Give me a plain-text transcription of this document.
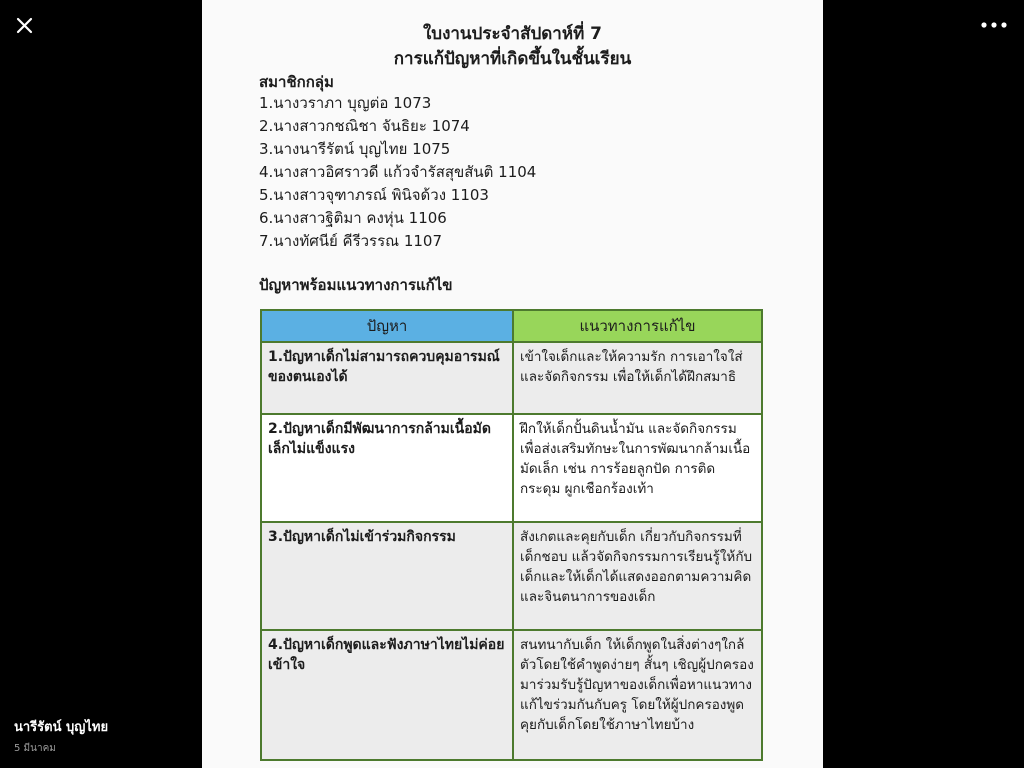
นารีรัตน์ บุญไทย
5 มีนาคม
ใบงานประจำสัปดาห์ที่ 7
การแก้ปัญหาที่เกิดขึ้นในชั้นเรียน
สมาชิกกลุ่ม
1.นางวราภา บุญต่อ 1073
2.นางสาวกชณิชา จันธิยะ 1074
3.นางนารีรัตน์ บุญไทย 1075
4.นางสาวอิศราวดี แก้วจำรัสสุขสันติ 1104
5.นางสาวจุฑาภรณ์ พินิจด้วง 1103
6.นางสาวฐิติมา คงหุ่น 1106
7.นางทัศนีย์ คีรีวรรณ 1107
ปัญหาพร้อมแนวทางการแก้ไข
ปัญหา	แนวทางการแก้ไข
1.ปัญหาเด็กไม่สามารถควบคุมอารมณ์ของตนเองได้	เข้าใจเด็กและให้ความรัก การเอาใจใส่ และจัดกิจกรรม เพื่อให้เด็กได้ฝึกสมาธิ
2.ปัญหาเด็กมีพัฒนาการกล้ามเนื้อมัดเล็กไม่แข็งแรง	ฝึกให้เด็กปั้นดินน้ำมัน และจัดกิจกรรม เพื่อส่งเสริมทักษะในการพัฒนากล้ามเนื้อมัดเล็ก เช่น การร้อยลูกปัด การติดกระดุม ผูกเชือกร้องเท้า
3.ปัญหาเด็กไม่เข้าร่วมกิจกรรม	สังเกตและคุยกับเด็ก เกี่ยวกับกิจกรรมที่เด็กชอบ แล้วจัดกิจกรรมการเรียนรู้ให้กับเด็กและให้เด็กได้แสดงออกตามความคิดและจินตนาการของเด็ก
4.ปัญหาเด็กพูดและฟังภาษาไทยไม่ค่อยเข้าใจ	สนทนากับเด็ก ให้เด็กพูดในสิ่งต่างๆใกล้ตัวโดยใช้คำพูดง่ายๆ สั้นๆ เชิญผู้ปกครองมาร่วมรับรู้ปัญหาของเด็กเพื่อหาแนวทางแก้ไขร่วมกันกับครู โดยให้ผู้ปกครองพูดคุยกับเด็กโดยใช้ภาษาไทยบ้าง
